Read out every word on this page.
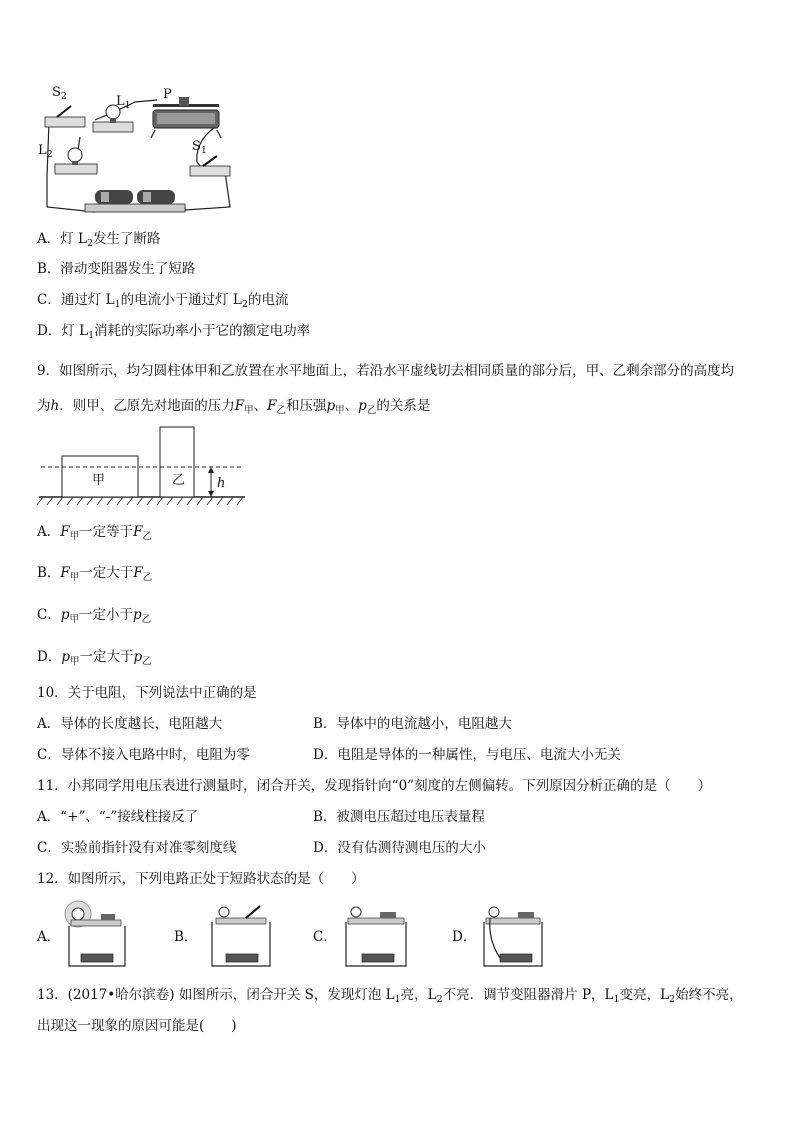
$S_2$	$L_1$
P
$L_2$
$S_1$
A．灯 $L_2$发生了断路
B．滑动变阻器发生了短路
C．通过灯 $L_1$的电流小于通过灯 $L_2$的电流
D．灯 $L_1$消耗的实际功率小于它的额定电功率
9．如图所示，均匀圆柱体甲和乙放置在水平地面上，若沿水平虚线切去相同质量的部分后，甲、乙剩余部分的高度均
为h．则甲、乙原先对地面的压力$F_甲$、$F_乙$和压强$p_甲$、$p_乙$的关系是
甲	乙 h
A．$F_甲$一定等于$F_乙$
B．$F_甲$一定大于$F_乙$
C．$p_甲$一定小于$p_乙$
D．$p_甲$一定大于$p_乙$
10．关于电阻，下列说法中正确的是
A．导体的长度越长，电阻越大	B．导体中的电流越小，电阻越大
C．导体不接入电路中时，电阻为零	D．电阻是导体的一种属性，与电压、电流大小无关
11．小邦同学用电压表进行测量时，闭合开关，发现指针向“0”刻度的左侧偏转。下列原因分析正确的是（　　）
A．“+”、“-”接线柱接反了	B．被测电压超过电压表量程
C．实验前指针没有对准零刻度线	D．没有估测待测电压的大小
12．如图所示，下列电路正处于短路状态的是（　　）
A．	B．	C．	D．
13．(2017•哈尔滨卷) 如图所示，闭合开关 S，发现灯泡 $L_1$亮，$L_2$不亮．调节变阻器滑片 P，$L_1$变亮，$L_2$始终不亮，
出现这一现象的原因可能是(　　)
